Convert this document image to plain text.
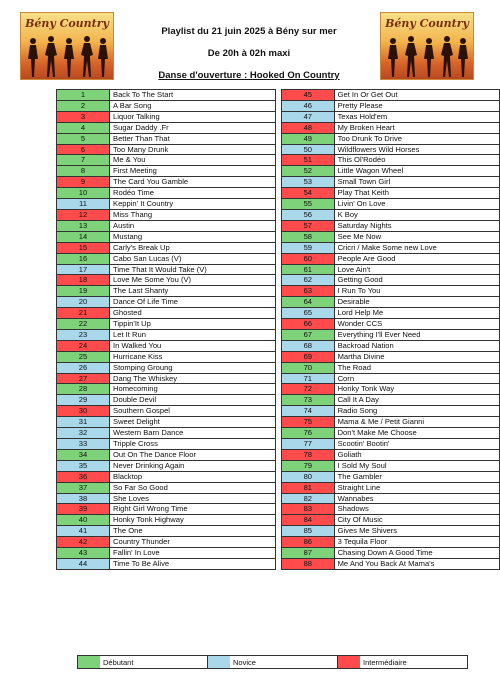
Bény Country	Bény Country
Playlist du 21 juin 2025 à Bény sur mer
De 20h à 02h maxi
Danse d'ouverture : Hooked On Country
1	Back To The Start
2	A Bar Song
3	Liquor Talking
4	Sugar Daddy .Fr
5	Better Than That
6	Too Many Drunk
7	Me & You
8	First Meeting
9	The Card You Gamble
10	Rodéo Time
11	Keppin' It Country
12	Miss Thang
13	Austin
14	Mustang
15	Carly's Break Up
16	Cabo San Lucas (V)
17	Time That It Would Take (V)
18	Love Me Some You (V)
19	The Last Shanty
20	Dance Of Life Time
21	Ghosted
22	Tippin'It Up
23	Let It Run
24	In Walked You
25	Hurricane Kiss
26	Stomping Groung
27	Dang The Whiskey
28	Homecoming
29	Double Devil
30	Southern Gospel
31	Sweet Delight
32	Western Barn Dance
33	Tripple Cross
34	Out On The Dance Floor
35	Never Drinking Again
36	Blacktop
37	So Far So Good
38	She Loves
39	Right Girl Wrong Time
40	Honky Tonk Highway
41	The One
42	Country Thunder
43	Fallin' In Love
44	Time To Be Alive
45	Get In Or Get Out
46	Pretty Please
47	Texas Hold'em
48	My Broken Heart
49	Too Drunk To Drive
50	Wildflowers Wild Horses
51	This Ol'Rodéo
52	Little Wagon Wheel
53	Small Town Girl
54	Play That Keith
55	Livin' On Love
56	K Boy
57	Saturday Nights
58	See Me Now
59	Cricri / Make Some new Love
60	People Are Good
61	Love Ain't
62	Getting Good
63	I Run To You
64	Desirable
65	Lord Help Me
66	Wonder CCS
67	Everything I'll Ever Need
68	Backroad Nation
69	Martha Divine
70	The Road
71	Corn
72	Honky Tonk Way
73	Call It A Day
74	Radio Song
75	Mama & Me / Petit Gianni
76	Don't Make Me Choose
77	Scootin' Bootin'
78	Goliath
79	I Sold My Soul
80	The Gambler
81	Straight Line
82	Wannabes
83	Shadows
84	City Of Music
85	Gives Me Shivers
86	3 Tequila Floor
87	Chasing Down A Good Time
88	Me And You Back At Mama's
Débutant	Novice	Intermédiaire
